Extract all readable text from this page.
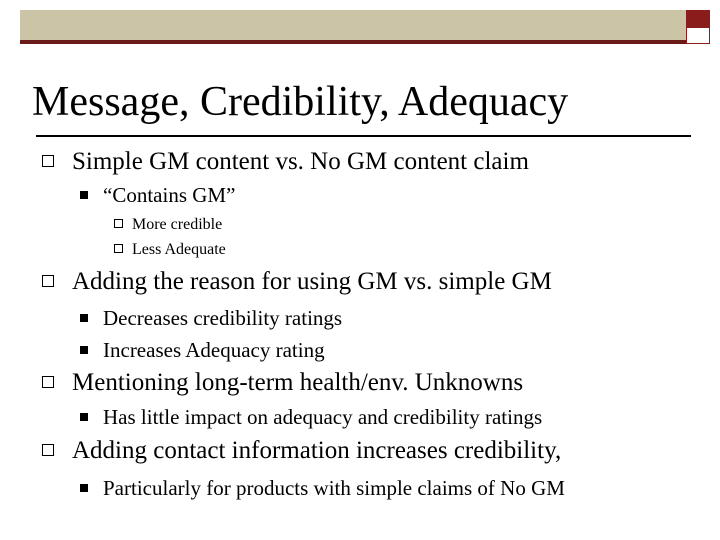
Message, Credibility, Adequacy
Simple GM content vs. No GM content claim
“Contains GM”
More credible
Less Adequate
Adding the reason for using GM vs. simple GM
Decreases credibility ratings
Increases Adequacy rating
Mentioning long-term health/env. Unknowns
Has little impact on adequacy and credibility ratings
Adding contact information increases credibility,
Particularly for products with simple claims of No GM
